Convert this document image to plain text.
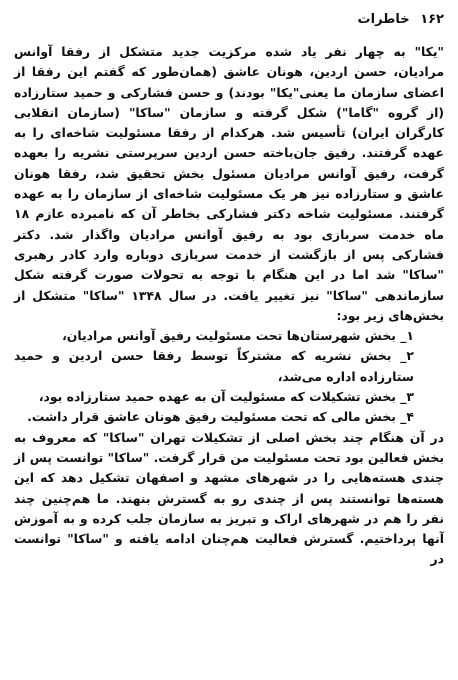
۱۶۲ خاطرات

"یکا" به چهار نفر یاد شده مرکزیت جدید متشکل از رفقا آوانس مرادیان، حسن اردین، هونان عاشق (همان‌طور که گفتم این رفقا از اعضای سازمان ما یعنی"یکا" بودند) و حسن فشارکی و حمید ستارزاده (از گروه "گاما") شکل گرفته و سازمان "ساکا" (سازمان انقلابی کارگران ایران) تأسیس شد. هرکدام از رفقا مسئولیت شاخه‌ای را به عهده گرفتند. رفیق جان‌باخته حسن اردین سرپرستی نشریه را بعهده گرفت، رفیق آوانس مرادیان مسئول بخش تحقیق شد، رفقا هونان عاشق و ستارزاده نیز هر یک مسئولیت شاخه‌ای از سازمان را به عهده گرفتند. مسئولیت شاخه دکتر فشارکی بخاطر آن که نامبرده عازم ۱۸ ماه خدمت سربازی بود به رفیق آوانس مرادیان واگذار شد. دکتر فشارکی پس از بازگشت از خدمت سربازی دوباره وارد کادر رهبری "ساکا" شد اما در این هنگام با توجه به تحولات صورت گرفته شکل سازماندهی "ساکا" نیز تغییر یافت. در سال ۱۳۴۸ "ساکا" متشکل از بخش‌های زیر بود:

۱_ بخش شهرستان‌ها تحت مسئولیت رفیق آوانس مرادیان،

۲_ بخش نشریه که مشترکاً توسط رفقا حسن اردین و حمید ستارزاده اداره می‌شد،

۳_ بخش تشکیلات که مسئولیت آن به عهده حمید ستارزاده بود،

۴_ بخش مالی که تحت مسئولیت رفیق هونان عاشق قرار داشت.

در آن هنگام چند بخش اصلی از تشکیلات تهران "ساکا" که معروف به بخش فعالین بود تحت مسئولیت من قرار گرفت. "ساکا" توانست پس از چندی هسته‌هایی را در شهرهای مشهد و اصفهان تشکیل دهد که این هسته‌ها توانستند پس از چندی رو به گسترش بنهند. ما هم‌چنین چند نفر را هم در شهرهای اراک و تبریز به سازمان جلب کرده و به آموزش آنها پرداختیم. گسترش فعالیت هم‌چنان ادامه یافته و "ساکا" توانست در
